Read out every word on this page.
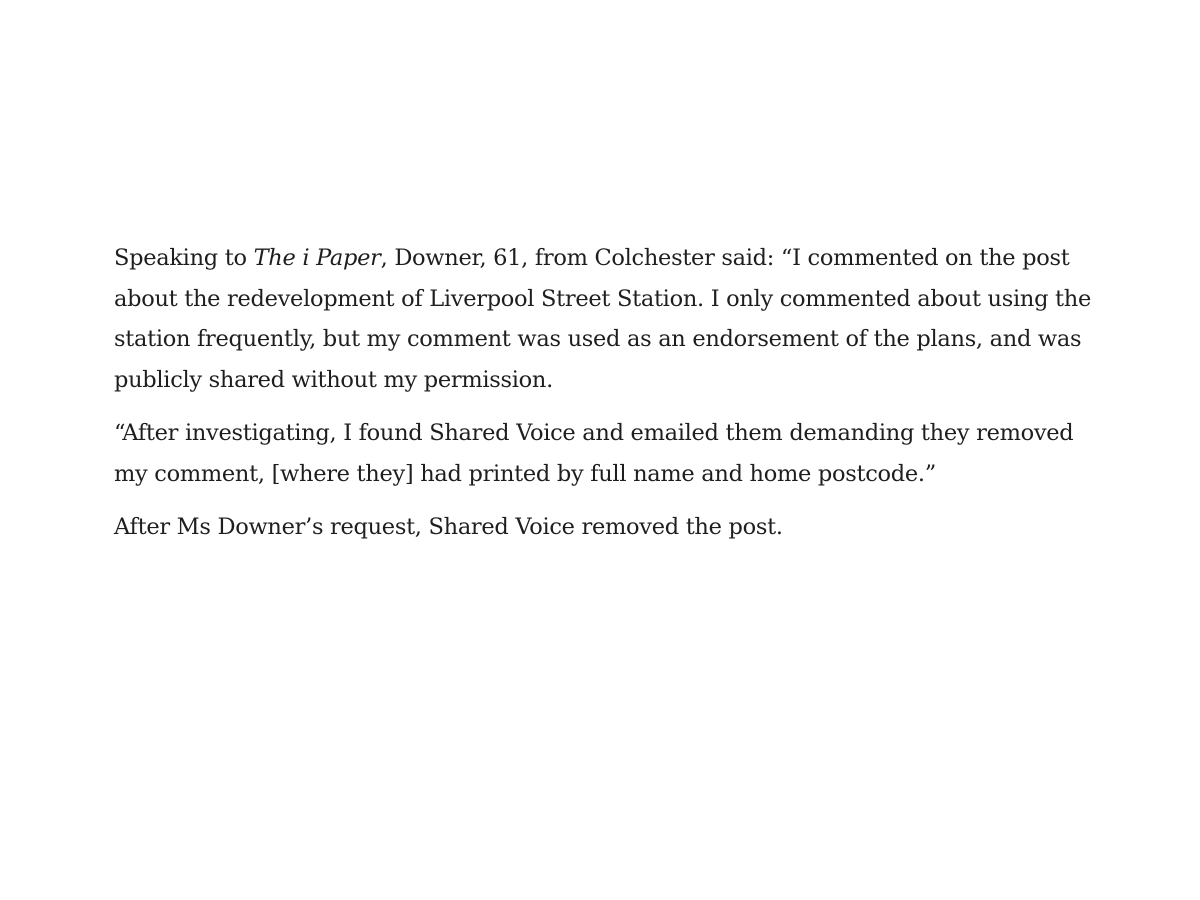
Speaking to The i Paper, Downer, 61, from Colchester said: “I commented on the post about the redevelopment of Liverpool Street Station. I only commented about using the station frequently, but my comment was used as an endorsement of the plans, and was publicly shared without my permission.

“After investigating, I found Shared Voice and emailed them demanding they removed my comment, [where they] had printed by full name and home postcode.”

After Ms Downer’s request, Shared Voice removed the post.
